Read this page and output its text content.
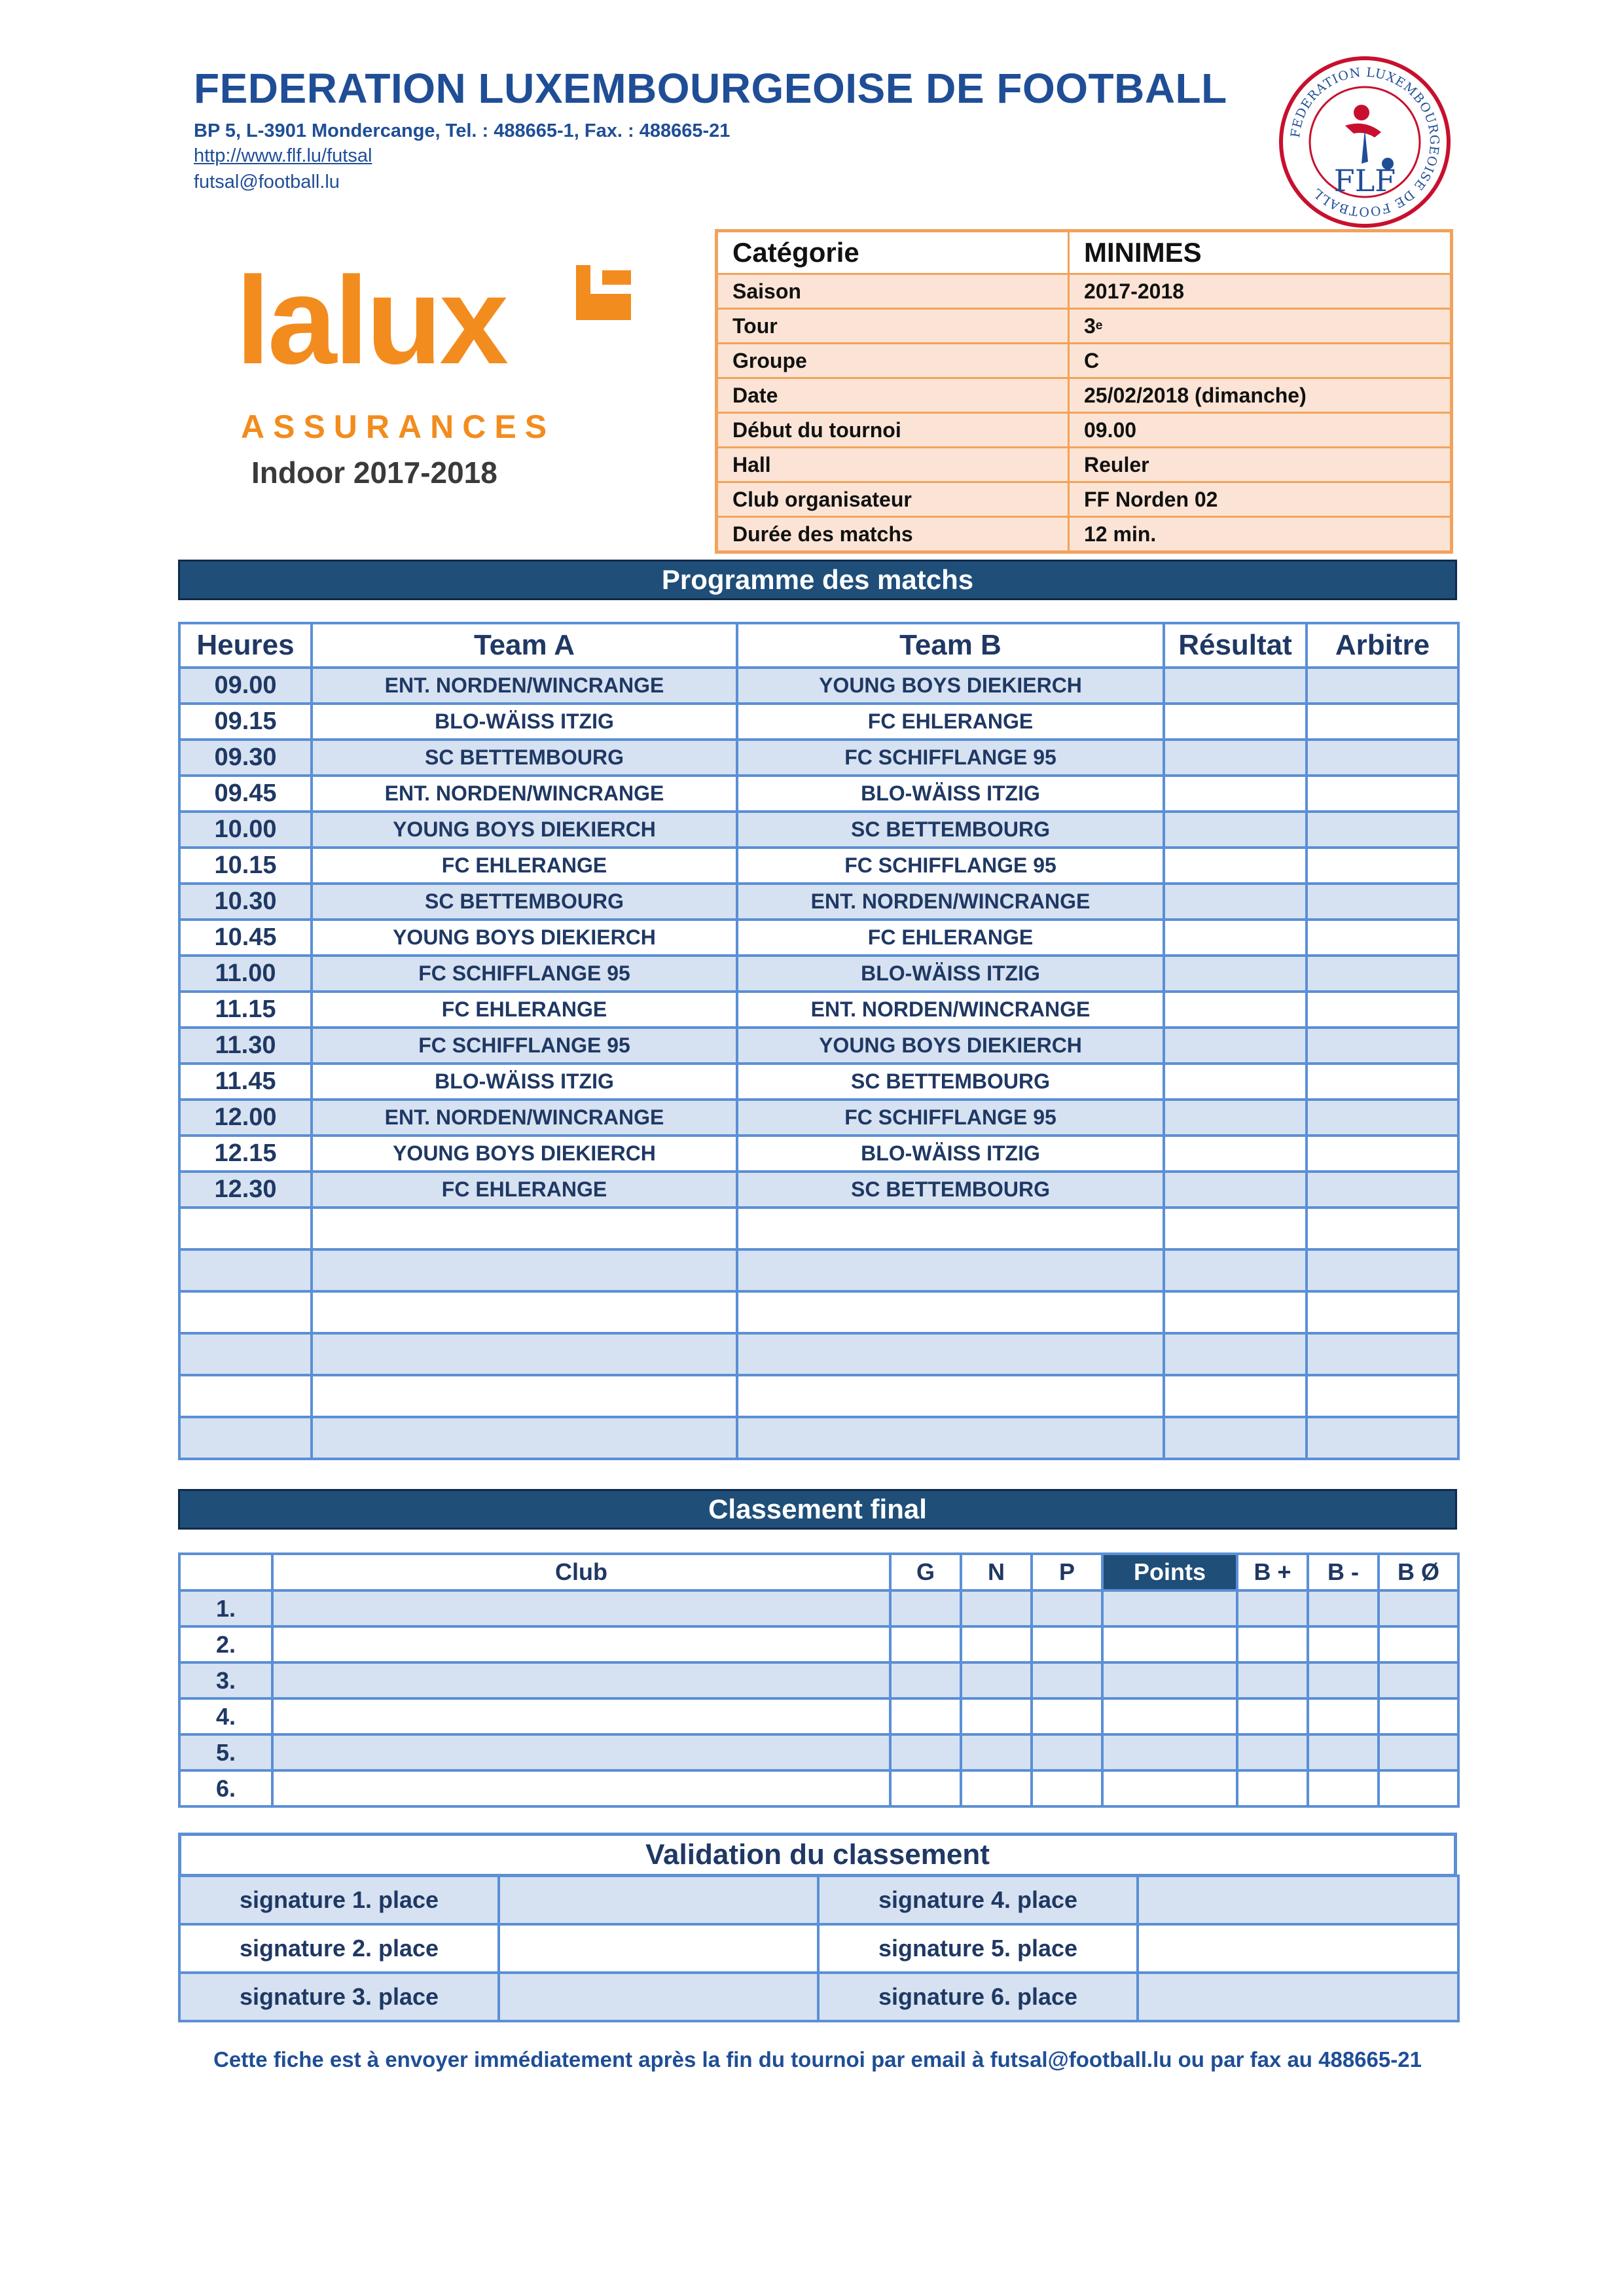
FEDERATION LUXEMBOURGEOISE DE FOOTBALL
BP 5, L-3901 Mondercange, Tel. : 488665-1, Fax. : 488665-21
http://www.flf.lu/futsal
futsal@football.lu
FEDERATION LUXEMBOURGEOISE DE FOOTBALL FLF
lalux
ASSURANCES
Indoor 2017-2018
Catégorie	MINIMES
Saison	2017-2018
Tour	3 e
Groupe	C
Date	25/02/2018 (dimanche)
Début du tournoi	09.00
Hall	Reuler
Club organisateur	FF Norden 02
Durée des matchs	12 min.
Programme des matchs
Heures	Team A	Team B	Résultat	Arbitre
09.00	ENT. NORDEN/WINCRANGE	YOUNG BOYS DIEKIERCH		
09.15	BLO-WÄISS ITZIG	FC EHLERANGE		
09.30	SC BETTEMBOURG	FC SCHIFFLANGE 95		
09.45	ENT. NORDEN/WINCRANGE	BLO-WÄISS ITZIG		
10.00	YOUNG BOYS DIEKIERCH	SC BETTEMBOURG		
10.15	FC EHLERANGE	FC SCHIFFLANGE 95		
10.30	SC BETTEMBOURG	ENT. NORDEN/WINCRANGE		
10.45	YOUNG BOYS DIEKIERCH	FC EHLERANGE		
11.00	FC SCHIFFLANGE 95	BLO-WÄISS ITZIG		
11.15	FC EHLERANGE	ENT. NORDEN/WINCRANGE		
11.30	FC SCHIFFLANGE 95	YOUNG BOYS DIEKIERCH		
11.45	BLO-WÄISS ITZIG	SC BETTEMBOURG		
12.00	ENT. NORDEN/WINCRANGE	FC SCHIFFLANGE 95		
12.15	YOUNG BOYS DIEKIERCH	BLO-WÄISS ITZIG		
12.30	FC EHLERANGE	SC BETTEMBOURG		

Classement final
	Club	G	N	P	Points	B +	B -	B Ø
1.								
2.								
3.								
4.								
5.								
6.								
Validation du classement
signature 1. place		signature 4. place	
signature 2. place		signature 5. place	
signature 3. place		signature 6. place	
Cette fiche est à envoyer immédiatement après la fin du tournoi par email à futsal@football.lu ou par fax au 488665-21
